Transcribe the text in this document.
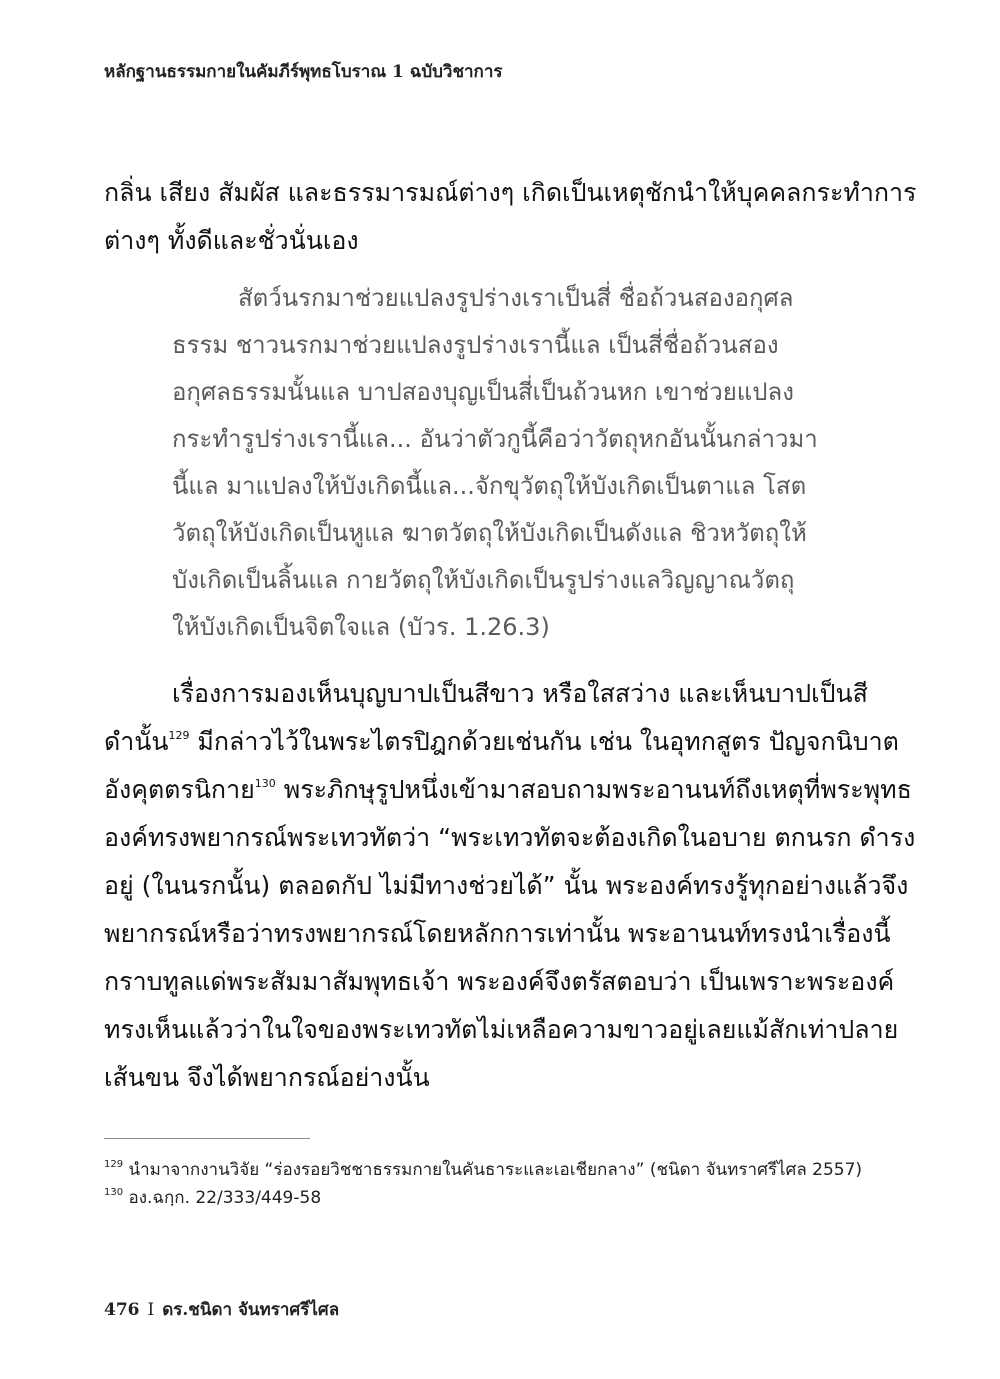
หลักฐานธรรมกายในคัมภีร์พุทธโบราณ 1 ฉบับวิชาการ
กลิ่น เสียง สัมผัส และธรรมารมณ์ต่างๆ เกิดเป็นเหตุชักนำให้บุคคลกระทำการ
ต่างๆ ทั้งดีและชั่วนั่นเอง
สัตว์นรกมาช่วยแปลงรูปร่างเราเป็นสี่ ชื่อถ้วนสองอกุศล
ธรรม ชาวนรกมาช่วยแปลงรูปร่างเรานี้แล เป็นสี่ชื่อถ้วนสอง
อกุศลธรรมนั้นแล บาปสองบุญเป็นสี่เป็นถ้วนหก เขาช่วยแปลง
กระทำรูปร่างเรานี้แล... อันว่าตัวกูนี้คือว่าวัตถุหกอันนั้นกล่าวมา
นี้แล มาแปลงให้บังเกิดนี้แล...จักขุวัตถุให้บังเกิดเป็นตาแล โสต
วัตถุให้บังเกิดเป็นหูแล ฆาตวัตถุให้บังเกิดเป็นดังแล ชิวหวัตถุให้
บังเกิดเป็นลิ้นแล กายวัตถุให้บังเกิดเป็นรูปร่างแลวิญญาณวัตถุ
ให้บังเกิดเป็นจิตใจแล (บัวร. 1.26.3)
เรื่องการมองเห็นบุญบาปเป็นสีขาว หรือใสสว่าง และเห็นบาปเป็นสี
ดำนั้น$^{129}$ มีกล่าวไว้ในพระไตรปิฎกด้วยเช่นกัน เช่น ในอุทกสูตร ปัญจกนิบาต
อังคุตตรนิกาย$^{130}$ พระภิกษุรูปหนึ่งเข้ามาสอบถามพระอานนท์ถึงเหตุที่พระพุทธ
องค์ทรงพยากรณ์พระเทวทัตว่า “พระเทวทัตจะต้องเกิดในอบาย ตกนรก ดำรง
อยู่ (ในนรกนั้น) ตลอดกัป ไม่มีทางช่วยได้” นั้น พระองค์ทรงรู้ทุกอย่างแล้วจึง
พยากรณ์หรือว่าทรงพยากรณ์โดยหลักการเท่านั้น พระอานนท์ทรงนำเรื่องนี้
กราบทูลแด่พระสัมมาสัมพุทธเจ้า พระองค์จึงตรัสตอบว่า เป็นเพราะพระองค์
ทรงเห็นแล้วว่าในใจของพระเทวทัตไม่เหลือความขาวอยู่เลยแม้สักเท่าปลาย
เส้นขน จึงได้พยากรณ์อย่างนั้น
$^{129}$ นำมาจากงานวิจัย “ร่องรอยวิชชาธรรมกายในคันธาระและเอเชียกลาง” (ชนิดา จันทราศรีไศล 2557)
$^{130}$ อง.ฉกฺก. 22/333/449-58
476 I ดร.ชนิดา จันทราศรีไศล
